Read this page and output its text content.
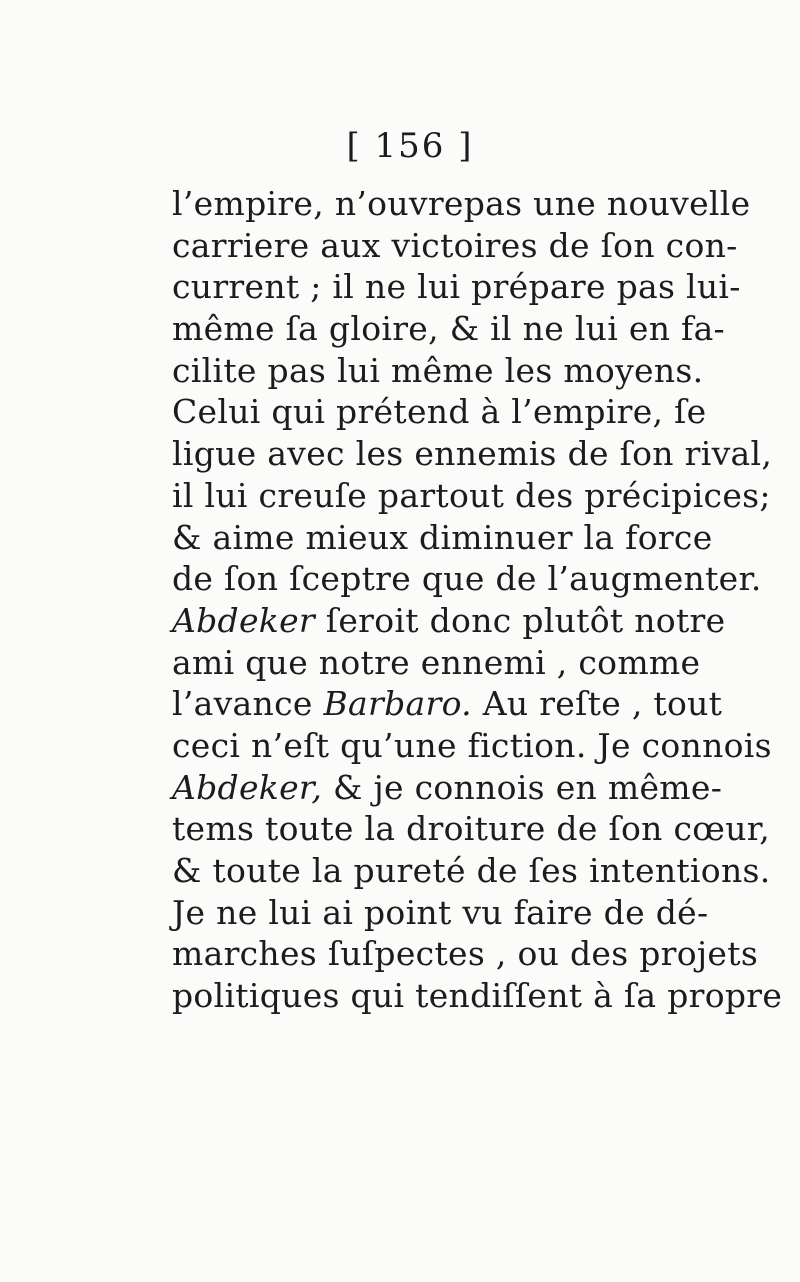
[ 156 ]
l’empire, n’ouvrepas une nouvelle
carriere aux victoires de ſon con-
current ; il ne lui prépare pas lui-
même ſa gloire, & il ne lui en fa-
cilite pas lui même les moyens.
Celui qui prétend à l’empire, ſe
ligue avec les ennemis de ſon rival,
il lui creuſe partout des précipices;
& aime mieux diminuer la force
de ſon ſceptre que de l’augmenter.
Abdeker ſeroit donc plutôt notre
ami que notre ennemi , comme
l’avance Barbaro. Au reſte , tout
ceci n’eſt qu’une fiction. Je connois
Abdeker, & je connois en même-
tems toute la droiture de ſon cœur,
& toute la pureté de ſes intentions.
Je ne lui ai point vu faire de dé-
marches ſuſpectes , ou des projets
politiques qui tendiſſent à ſa propre
